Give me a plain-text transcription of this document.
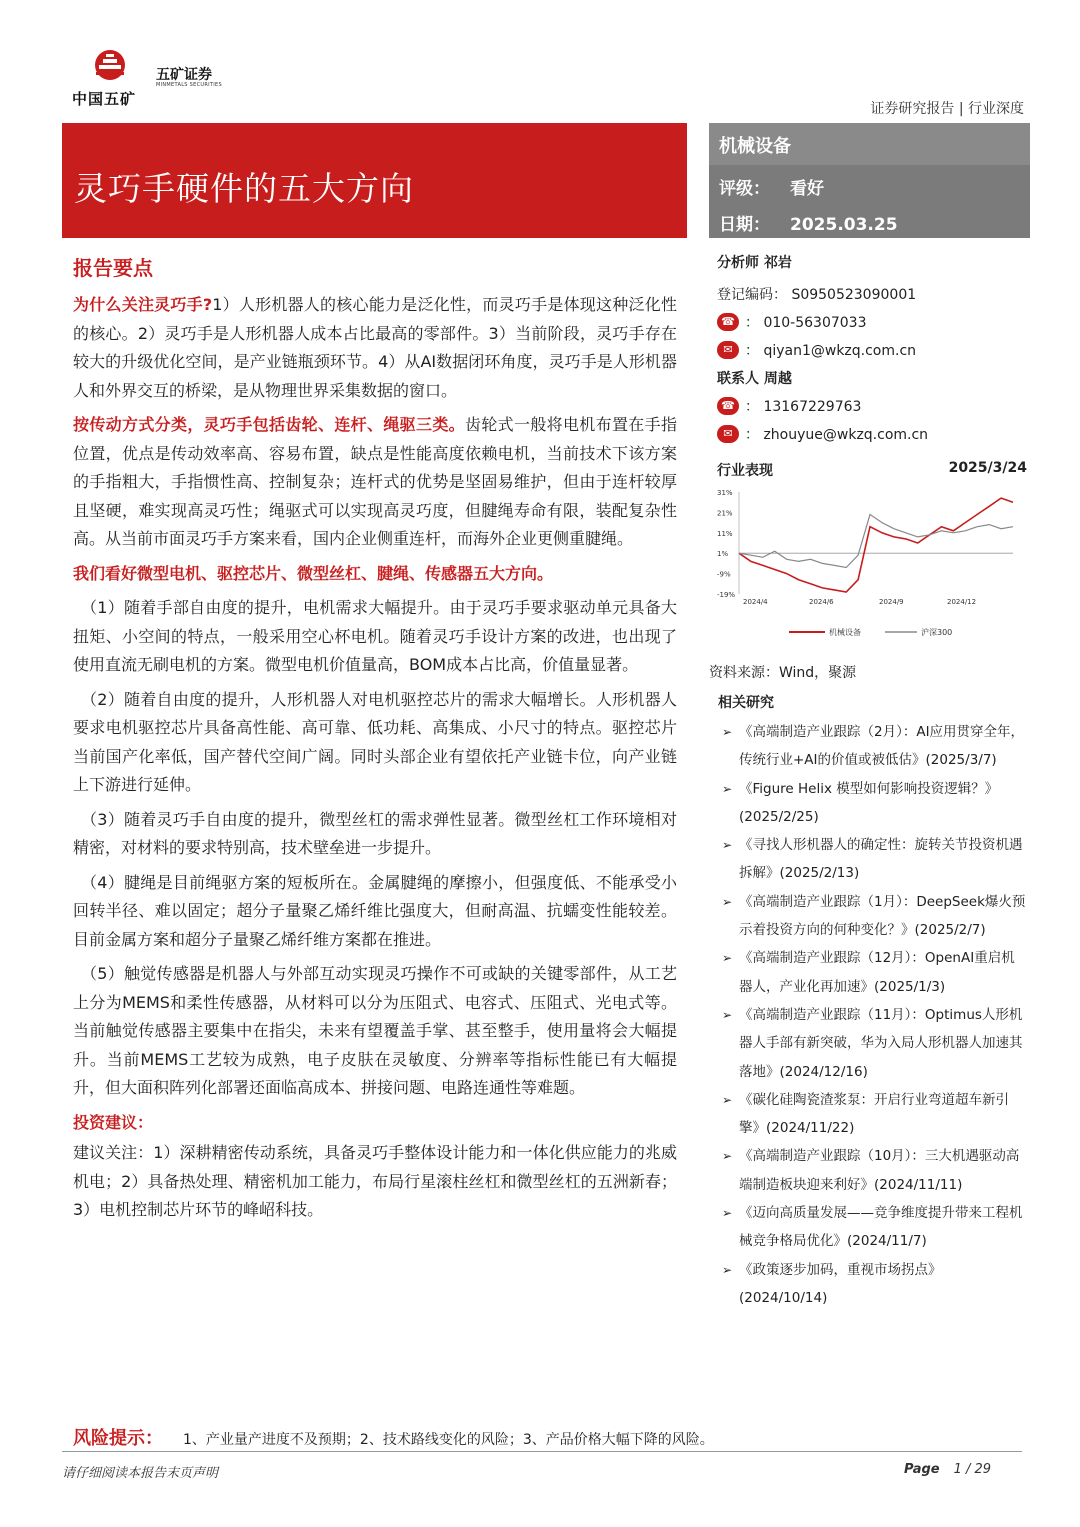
中国五矿
五矿证券
MINMETALS SECURITIES
证券研究报告 | 行业深度
灵巧手硬件的五大方向
机械设备
评级： 看好
日期： 2025.03.25
报告要点

为什么关注灵巧手?1）人形机器人的核心能力是泛化性，而灵巧手是体现这种泛化性的核心。2）灵巧手是人形机器人成本占比最高的零部件。3）当前阶段，灵巧手存在较大的升级优化空间，是产业链瓶颈环节。4）从AI数据闭环角度，灵巧手是人形机器人和外界交互的桥梁，是从物理世界采集数据的窗口。

按传动方式分类，灵巧手包括齿轮、连杆、绳驱三类。齿轮式一般将电机布置在手指位置，优点是传动效率高、容易布置，缺点是性能高度依赖电机，当前技术下该方案的手指粗大，手指惯性高、控制复杂；连杆式的优势是坚固易维护，但由于连杆较厚且坚硬，难实现高灵巧性；绳驱式可以实现高灵巧度，但腱绳寿命有限，装配复杂性高。从当前市面灵巧手方案来看，国内企业侧重连杆，而海外企业更侧重腱绳。

我们看好微型电机、驱控芯片、微型丝杠、腱绳、传感器五大方向。

（1）随着手部自由度的提升，电机需求大幅提升。由于灵巧手要求驱动单元具备大扭矩、小空间的特点，一般采用空心杯电机。随着灵巧手设计方案的改进，也出现了使用直流无刷电机的方案。微型电机价值量高，BOM成本占比高，价值量显著。

（2）随着自由度的提升，人形机器人对电机驱控芯片的需求大幅增长。人形机器人要求电机驱控芯片具备高性能、高可靠、低功耗、高集成、小尺寸的特点。驱控芯片当前国产化率低，国产替代空间广阔。同时头部企业有望依托产业链卡位，向产业链上下游进行延伸。

（3）随着灵巧手自由度的提升，微型丝杠的需求弹性显著。微型丝杠工作环境相对精密，对材料的要求特别高，技术壁垒进一步提升。

（4）腱绳是目前绳驱方案的短板所在。金属腱绳的摩擦小，但强度低、不能承受小回转半径、难以固定；超分子量聚乙烯纤维比强度大，但耐高温、抗蠕变性能较差。目前金属方案和超分子量聚乙烯纤维方案都在推进。

（5）触觉传感器是机器人与外部互动实现灵巧操作不可或缺的关键零部件，从工艺上分为MEMS和柔性传感器，从材料可以分为压阻式、电容式、压阻式、光电式等。当前触觉传感器主要集中在指尖，未来有望覆盖手掌、甚至整手，使用量将会大幅提升。当前MEMS工艺较为成熟，电子皮肤在灵敏度、分辨率等指标性能已有大幅提升，但大面积阵列化部署还面临高成本、拼接问题、电路连通性等难题。

投资建议：

建议关注：1）深耕精密传动系统，具备灵巧手整体设计能力和一体化供应能力的兆威机电；2）具备热处理、精密机加工能力，布局行星滚柱丝杠和微型丝杠的五洲新春；3）电机控制芯片环节的峰岹科技。

分析师 祁岩
登记编码： S0950523090001
☎ ： 010-56307033
✉ ： qiyan1@wkzq.com.cn
联系人 周越
☎ ： 13167229763
✉ ： zhouyue@wkzq.com.cn
行业表现	2025/3/24
31%
21%
11%
1%
-9%
-19%
2024/4	2024/6	2024/9	2024/12
机械设备	沪深300
资料来源：Wind，聚源
相关研究
➢ 《高端制造产业跟踪（2月）：AI应用贯穿全年，传统行业+AI的价值或被低估》(2025/3/7)
➢ 《Figure Helix 模型如何影响投资逻辑？》(2025/2/25)
➢ 《寻找人形机器人的确定性：旋转关节投资机遇拆解》(2025/2/13)
➢ 《高端制造产业跟踪（1月）：DeepSeek爆火预示着投资方向的何种变化？》(2025/2/7)
➢ 《高端制造产业跟踪（12月）：OpenAI重启机器人，产业化再加速》(2025/1/3)
➢ 《高端制造产业跟踪（11月）：Optimus人形机器人手部有新突破，华为入局人形机器人加速其落地》(2024/12/16)
➢ 《碳化硅陶瓷渣浆泵：开启行业弯道超车新引擎》(2024/11/22)
➢ 《高端制造产业跟踪（10月）：三大机遇驱动高端制造板块迎来利好》(2024/11/11)
➢ 《迈向高质量发展——竞争维度提升带来工程机械竞争格局优化》(2024/11/7)
➢ 《政策逐步加码，重视市场拐点》(2024/10/14)
风险提示： 1、产业量产进度不及预期；2、技术路线变化的风险；3、产品价格大幅下降的风险。
请仔细阅读本报告末页声明	Page 1 / 29
